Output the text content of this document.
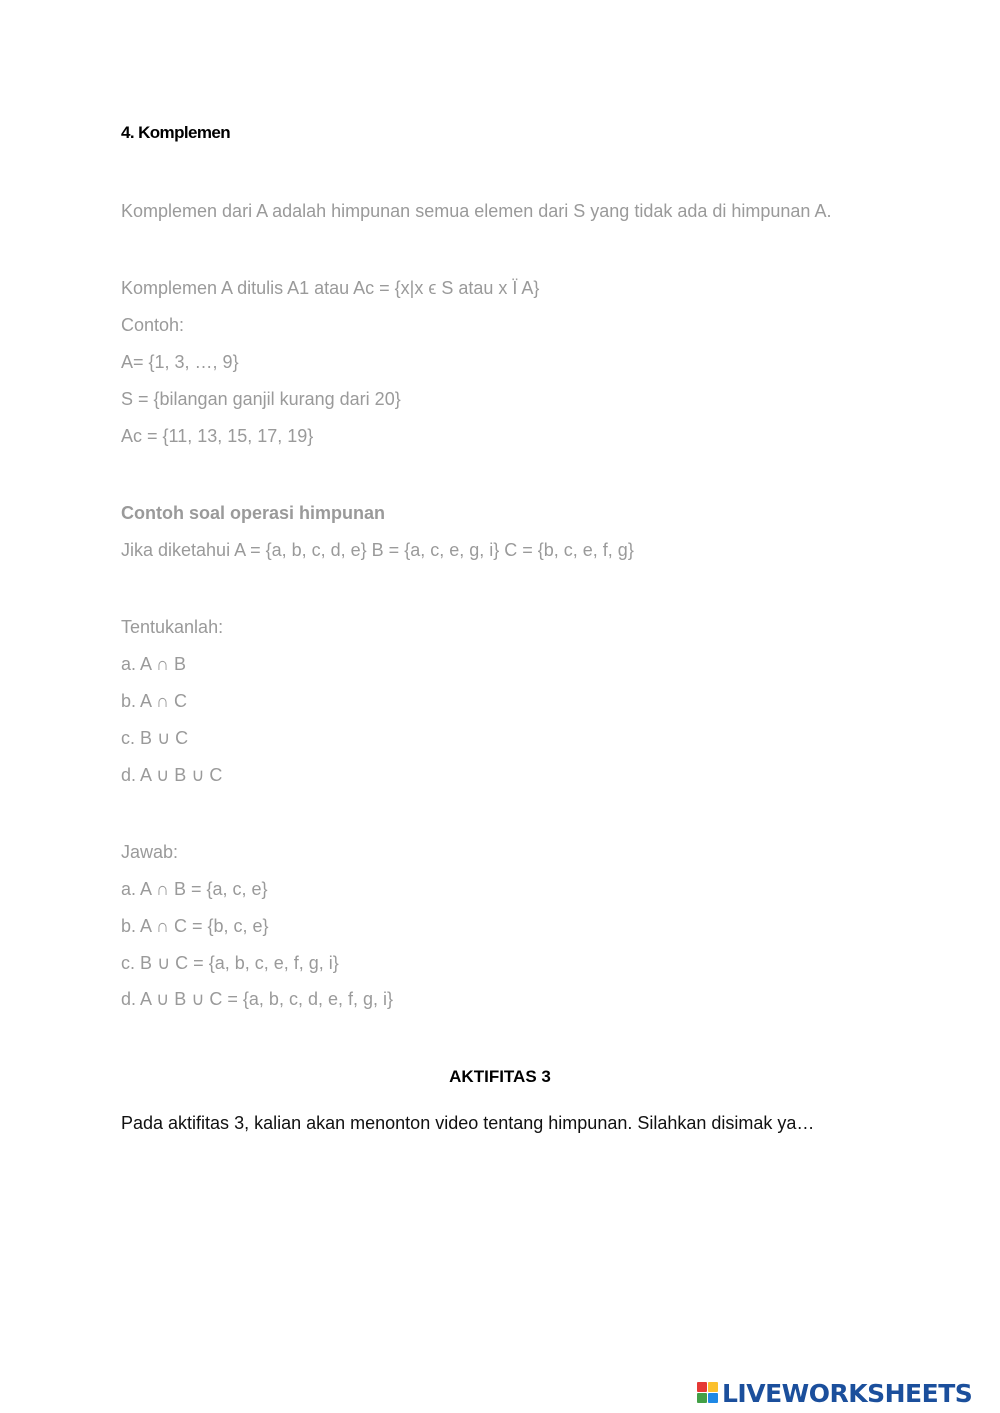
4. Komplemen
Komplemen dari A adalah himpunan semua elemen dari S yang tidak ada di himpunan A.
Komplemen A ditulis A1 atau Ac = {x|x ϵ S atau x Ï A}
Contoh:
A= {1, 3, …, 9}
S = {bilangan ganjil kurang dari 20}
Ac = {11, 13, 15, 17, 19}
Contoh soal operasi himpunan
Jika diketahui A = {a, b, c, d, e} B = {a, c, e, g, i} C = {b, c, e, f, g}
Tentukanlah:
a. A ∩ B
b. A ∩ C
c. B ∪ C
d. A ∪ B ∪ C
Jawab:
a. A ∩ B = {a, c, e}
b. A ∩ C = {b, c, e}
c. B ∪ C = {a, b, c, e, f, g, i}
d. A ∪ B ∪ C = {a, b, c, d, e, f, g, i}
AKTIFITAS 3
Pada aktifitas 3, kalian akan menonton video tentang himpunan. Silahkan disimak ya…
LIVEWORKSHEETS
